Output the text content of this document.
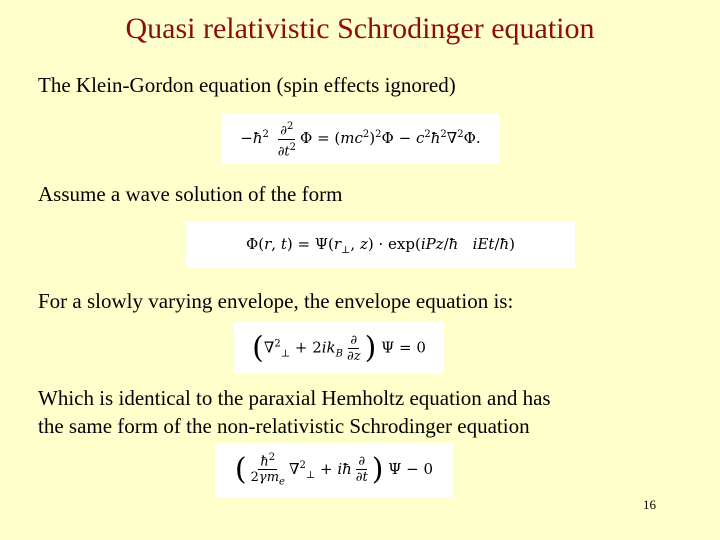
Quasi relativistic Schrodinger equation
The Klein-Gordon equation (spin effects ignored)
$-ħ^2 \frac{\partial^2}{\partial t^2}$ $\Phi = (mc^2)^2\Phi$ − $c^2ħ^2\nabla^2\Phi$.
Assume a wave solution of the form
Φ(r, $t) = \Psi(r_\perp$, z) · exp(iPz/ħ iEt/ħ)
For a slowly varying envelope, the envelope equation is:
($\nabla^2_\perp + 2ik_B \frac{\partial}{\partial z}$ ) Ψ = 0
Which is identical to the paraxial Hemholtz equation and has
the same form of the non-relativistic Schrodinger equation
( $\frac{ħ^2}{2\gamma m_e} \nabla^2_\perp$ + iħ $\frac{\partial}{\partial t}$ ) Ψ − 0
16
